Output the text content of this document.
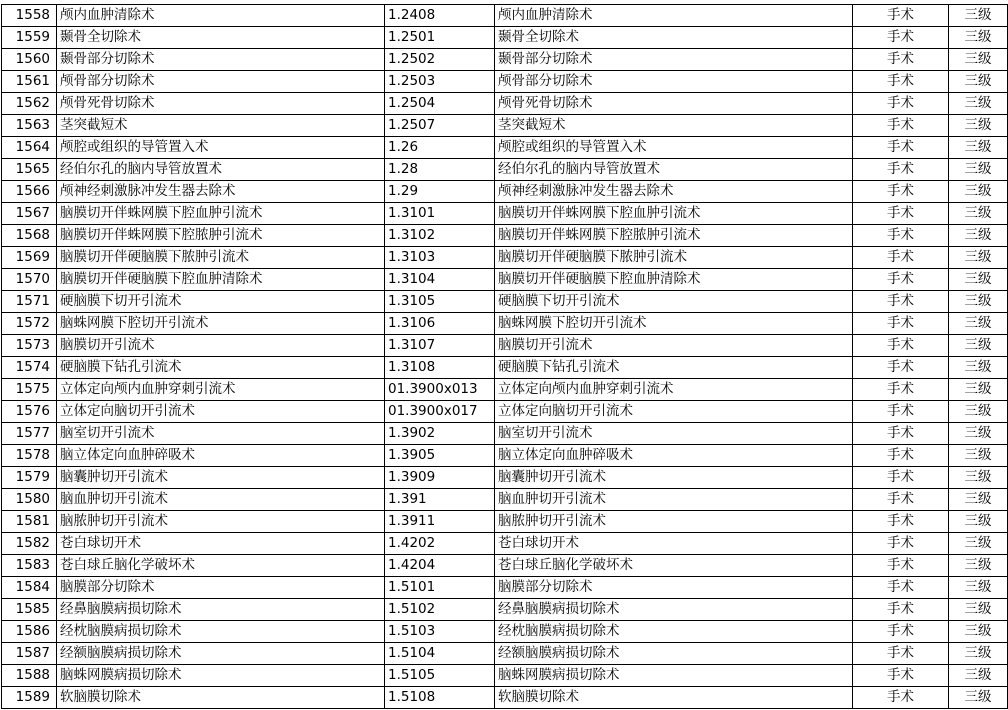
1558	颅内血肿清除术	1.2408	颅内血肿清除术	手术	三级
1559	颞骨全切除术	1.2501	颞骨全切除术	手术	三级
1560	颞骨部分切除术	1.2502	颞骨部分切除术	手术	三级
1561	颅骨部分切除术	1.2503	颅骨部分切除术	手术	三级
1562	颅骨死骨切除术	1.2504	颅骨死骨切除术	手术	三级
1563	茎突截短术	1.2507	茎突截短术	手术	三级
1564	颅腔或组织的导管置入术	1.26	颅腔或组织的导管置入术	手术	三级
1565	经伯尔孔的脑内导管放置术	1.28	经伯尔孔的脑内导管放置术	手术	三级
1566	颅神经刺激脉冲发生器去除术	1.29	颅神经刺激脉冲发生器去除术	手术	三级
1567	脑膜切开伴蛛网膜下腔血肿引流术	1.3101	脑膜切开伴蛛网膜下腔血肿引流术	手术	三级
1568	脑膜切开伴蛛网膜下腔脓肿引流术	1.3102	脑膜切开伴蛛网膜下腔脓肿引流术	手术	三级
1569	脑膜切开伴硬脑膜下脓肿引流术	1.3103	脑膜切开伴硬脑膜下脓肿引流术	手术	三级
1570	脑膜切开伴硬脑膜下腔血肿清除术	1.3104	脑膜切开伴硬脑膜下腔血肿清除术	手术	三级
1571	硬脑膜下切开引流术	1.3105	硬脑膜下切开引流术	手术	三级
1572	脑蛛网膜下腔切开引流术	1.3106	脑蛛网膜下腔切开引流术	手术	三级
1573	脑膜切开引流术	1.3107	脑膜切开引流术	手术	三级
1574	硬脑膜下钻孔引流术	1.3108	硬脑膜下钻孔引流术	手术	三级
1575	立体定向颅内血肿穿刺引流术	01.3900x013	立体定向颅内血肿穿刺引流术	手术	三级
1576	立体定向脑切开引流术	01.3900x017	立体定向脑切开引流术	手术	三级
1577	脑室切开引流术	1.3902	脑室切开引流术	手术	三级
1578	脑立体定向血肿碎吸术	1.3905	脑立体定向血肿碎吸术	手术	三级
1579	脑囊肿切开引流术	1.3909	脑囊肿切开引流术	手术	三级
1580	脑血肿切开引流术	1.391	脑血肿切开引流术	手术	三级
1581	脑脓肿切开引流术	1.3911	脑脓肿切开引流术	手术	三级
1582	苍白球切开术	1.4202	苍白球切开术	手术	三级
1583	苍白球丘脑化学破坏术	1.4204	苍白球丘脑化学破坏术	手术	三级
1584	脑膜部分切除术	1.5101	脑膜部分切除术	手术	三级
1585	经鼻脑膜病损切除术	1.5102	经鼻脑膜病损切除术	手术	三级
1586	经枕脑膜病损切除术	1.5103	经枕脑膜病损切除术	手术	三级
1587	经额脑膜病损切除术	1.5104	经额脑膜病损切除术	手术	三级
1588	脑蛛网膜病损切除术	1.5105	脑蛛网膜病损切除术	手术	三级
1589	软脑膜切除术	1.5108	软脑膜切除术	手术	三级
